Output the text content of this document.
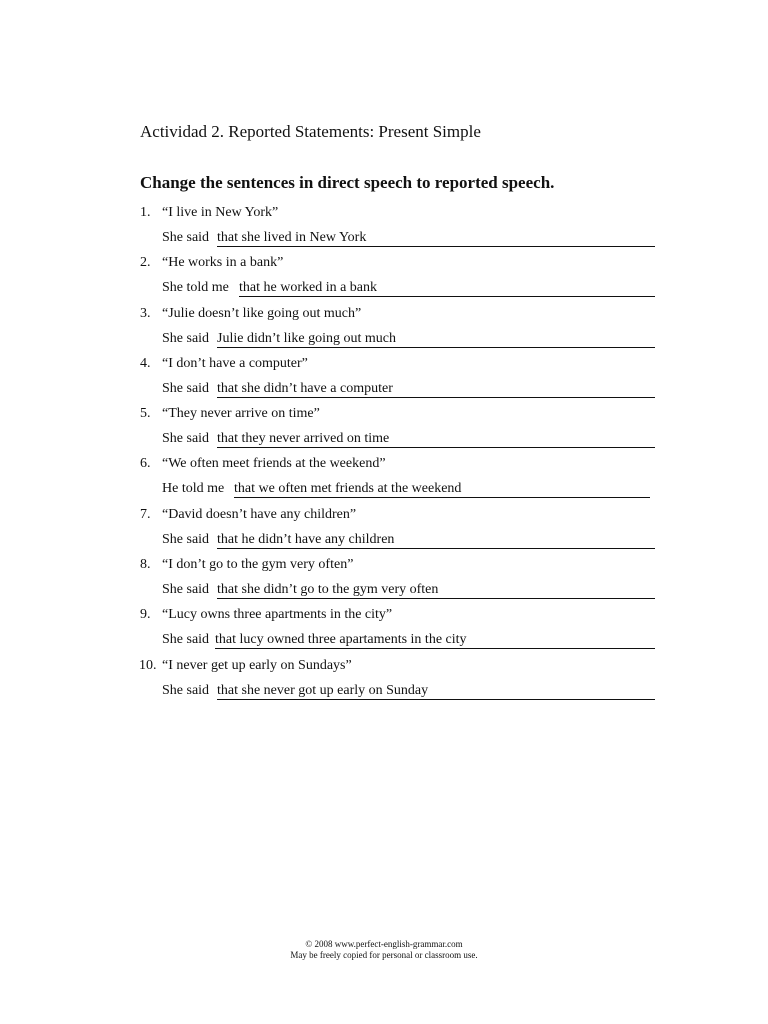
Actividad 2. Reported Statements: Present Simple
Change the sentences in direct speech to reported speech.
1. “I live in New York”
She said that she lived in New York
2. “He works in a bank”
She told me that he worked in a bank
3. “Julie doesn’t like going out much”
She said Julie didn’t like going out much
4. “I don’t have a computer”
She said that she didn’t have a computer
5. “They never arrive on time”
She said that they never arrived on time
6. “We often meet friends at the weekend”
He told me that we often met friends at the weekend
7. “David doesn’t have any children”
She said that he didn’t have any children
8. “I don’t go to the gym very often”
She said that she didn’t go to the gym very often
9. “Lucy owns three apartments in the city”
She said that lucy owned three apartaments in the city
10. “I never get up early on Sundays”
She said that she never got up early on Sunday
© 2008 www.perfect-english-grammar.com
May be freely copied for personal or classroom use.
